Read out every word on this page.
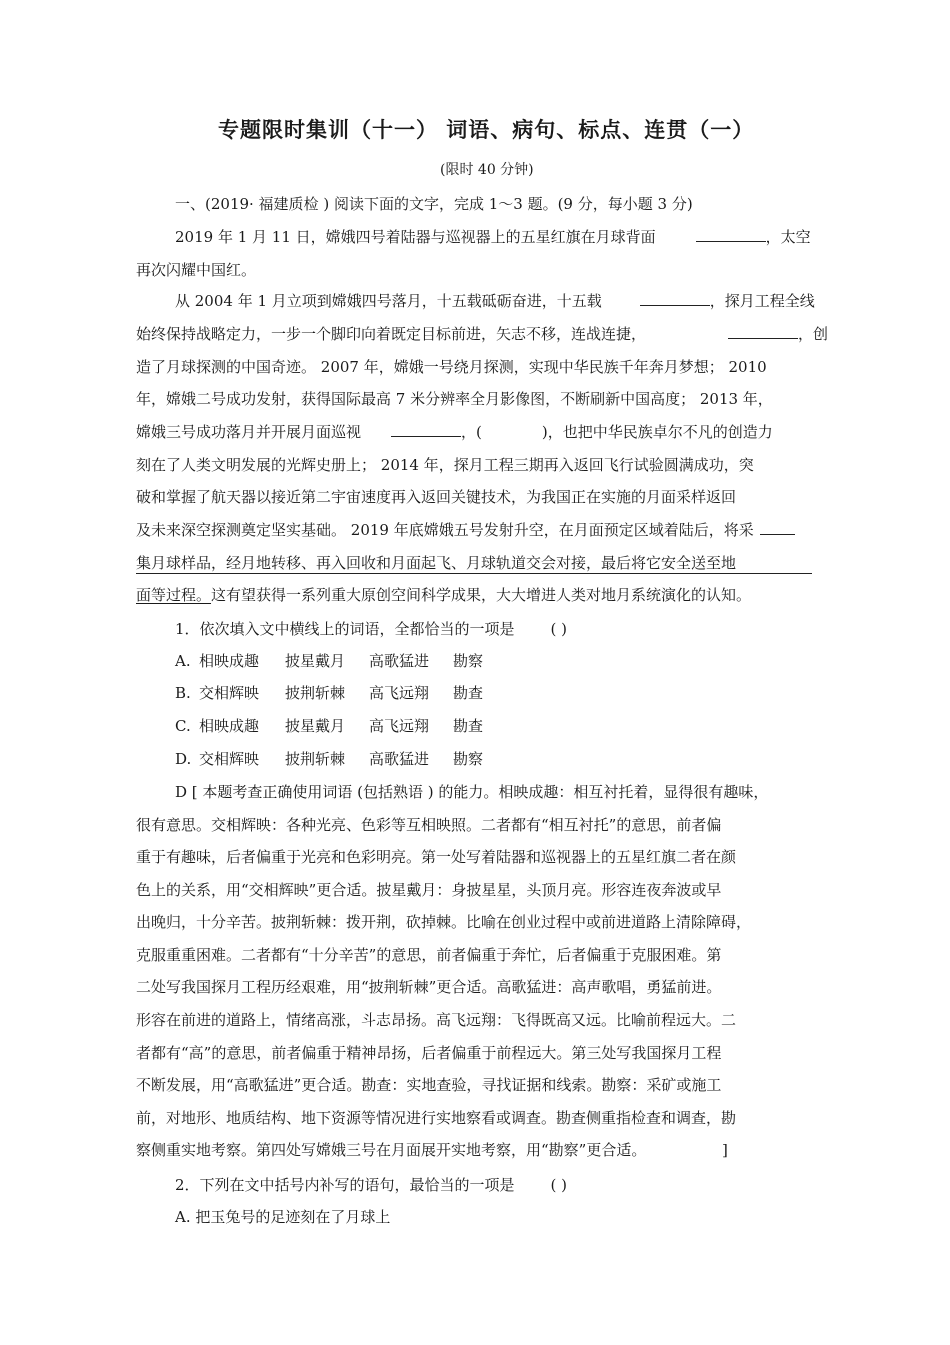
专题限时集训（十一） 词语、病句、标点、连贯（一）
(限时 40 分钟)
一、(2019· 福建质检 ) 阅读下面的文字，完成 1～3 题。(9 分，每小题 3 分)
2019 年 1 月 11 日，嫦娥四号着陆器与巡视器上的五星红旗在月球背面	，太空
再次闪耀中国红。
从 2004 年 1 月立项到嫦娥四号落月，十五载砥砺奋进，十五载	，探月工程全线
始终保持战略定力，一步一个脚印向着既定目标前进，矢志不移，连战连捷，	，创
造了月球探测的中国奇迹。 2007 年，嫦娥一号绕月探测，实现中华民族千年奔月梦想； 2010
年，嫦娥二号成功发射，获得国际最高 7 米分辨率全月影像图，不断刷新中国高度； 2013 年，
嫦娥三号成功落月并开展月面巡视	，(	)，也把中华民族卓尔不凡的创造力
刻在了人类文明发展的光辉史册上； 2014 年，探月工程三期再入返回飞行试验圆满成功，突
破和掌握了航天器以接近第二宇宙速度再入返回关键技术，为我国正在实施的月面采样返回
及未来深空探测奠定坚实基础。 2019 年底嫦娥五号发射升空，在月面预定区域着陆后，将采
集月球样品，经月地转移、再入回收和月面起飞、月球轨道交会对接，最后将它安全送至地
面等过程。这有望获得一系列重大原创空间科学成果，大大增进人类对地月系统演化的认知。
1．依次填入文中横线上的词语，全都恰当的一项是 ( )
A. 相映成趣 披星戴月 高歌猛进 勘察
B. 交相辉映 披荆斩棘 高飞远翔 勘查
C. 相映成趣 披星戴月 高飞远翔 勘查
D. 交相辉映 披荆斩棘 高歌猛进 勘察
D [ 本题考查正确使用词语 (包括熟语 ) 的能力。相映成趣：相互衬托着，显得很有趣味，
很有意思。交相辉映：各种光亮、色彩等互相映照。二者都有“相互衬托”的意思，前者偏
重于有趣味，后者偏重于光亮和色彩明亮。第一处写着陆器和巡视器上的五星红旗二者在颜
色上的关系，用“交相辉映”更合适。披星戴月：身披星星，头顶月亮。形容连夜奔波或早
出晚归，十分辛苦。披荆斩棘：拨开荆，砍掉棘。比喻在创业过程中或前进道路上清除障碍，
克服重重困难。二者都有“十分辛苦”的意思，前者偏重于奔忙，后者偏重于克服困难。第
二处写我国探月工程历经艰难，用“披荆斩棘”更合适。高歌猛进：高声歌唱，勇猛前进。
形容在前进的道路上，情绪高涨，斗志昂扬。高飞远翔：飞得既高又远。比喻前程远大。二
者都有“高”的意思，前者偏重于精神昂扬，后者偏重于前程远大。第三处写我国探月工程
不断发展，用“高歌猛进”更合适。勘查：实地查验，寻找证据和线索。勘察：采矿或施工
前，对地形、地质结构、地下资源等情况进行实地察看或调查。勘查侧重指检查和调查，勘
察侧重实地考察。第四处写嫦娥三号在月面展开实地考察，用“勘察”更合适。	]
2．下列在文中括号内补写的语句，最恰当的一项是 ( )
A. 把玉兔号的足迹刻在了月球上
